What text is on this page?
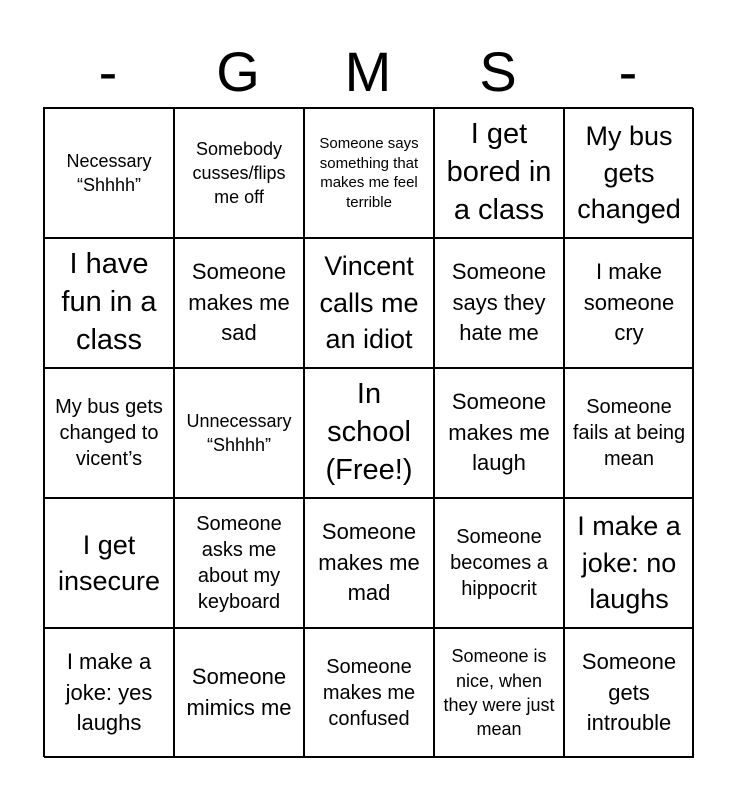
-	G	M	S	-
Necessary “Shhhh”
Somebody cusses/flips me off
Someone says something that makes me feel terrible
I get bored in a class
My bus gets changed
I have fun in a class
Someone makes me sad
Vincent calls me an idiot
Someone says they hate me
I make someone cry
My bus gets changed to vicent’s
Unnecessary “Shhhh”
In school (Free!)
Someone makes me laugh
Someone fails at being mean
I get insecure
Someone asks me about my keyboard
Someone makes me mad
Someone becomes a hippocrit
I make a joke: no laughs
I make a joke: yes laughs
Someone mimics me
Someone makes me confused
Someone is nice, when they were just mean
Someone gets introuble
